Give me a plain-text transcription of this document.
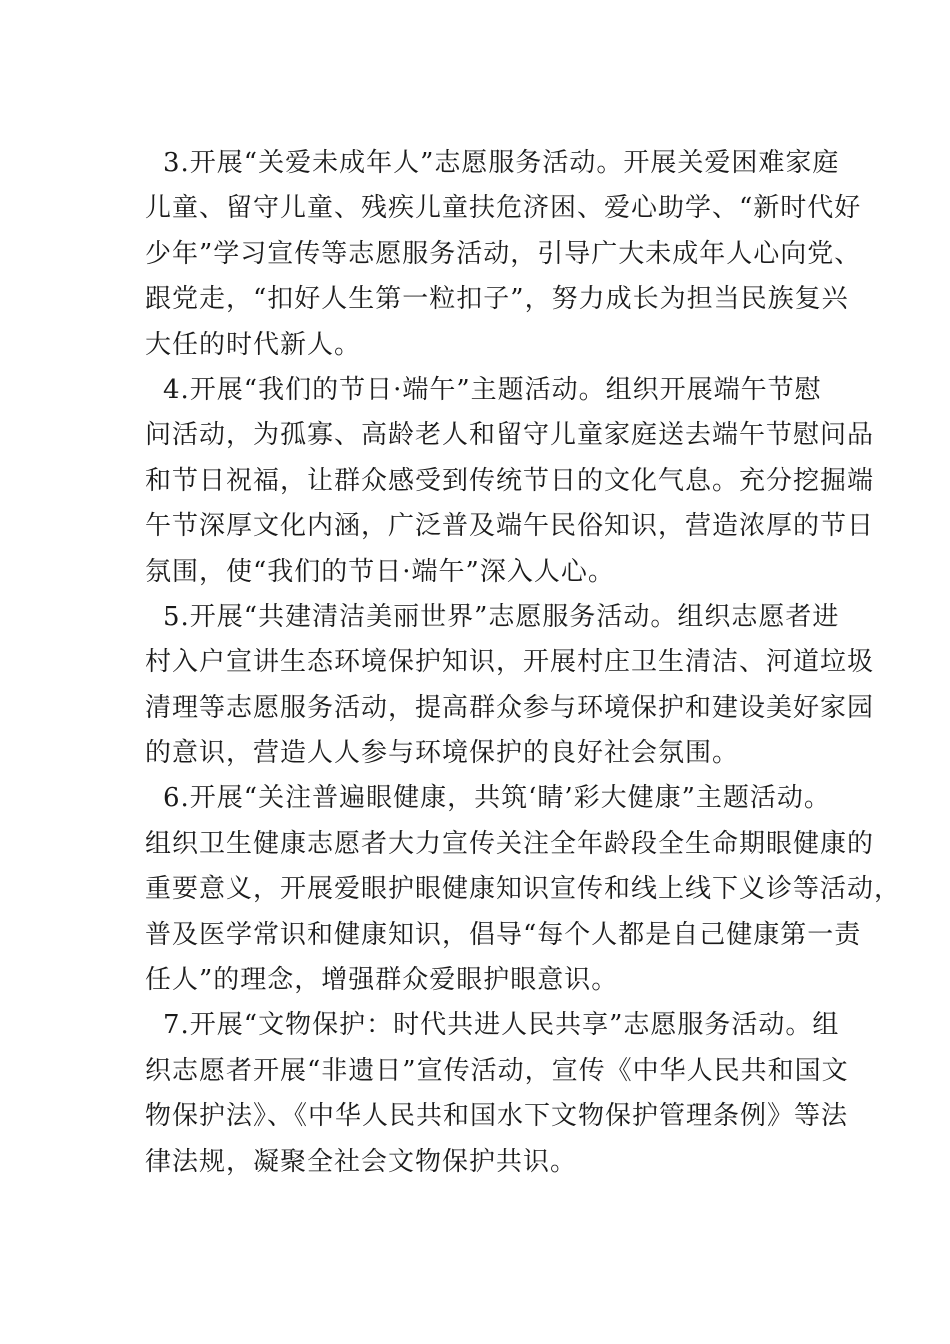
3.开展“关爱未成年人”志愿服务活动。开展关爱困难家庭
儿童、留守儿童、残疾儿童扶危济困、爱心助学、“新时代好
少年”学习宣传等志愿服务活动，引导广大未成年人心向党、
跟党走，“扣好人生第一粒扣子”，努力成长为担当民族复兴
大任的时代新人。
4.开展“我们的节日·端午”主题活动。组织开展端午节慰
问活动，为孤寡、高龄老人和留守儿童家庭送去端午节慰问品
和节日祝福，让群众感受到传统节日的文化气息。充分挖掘端
午节深厚文化内涵，广泛普及端午民俗知识，营造浓厚的节日
氛围，使“我们的节日·端午”深入人心。
5.开展“共建清洁美丽世界”志愿服务活动。组织志愿者进
村入户宣讲生态环境保护知识，开展村庄卫生清洁、河道垃圾
清理等志愿服务活动，提高群众参与环境保护和建设美好家园
的意识，营造人人参与环境保护的良好社会氛围。
6.开展“关注普遍眼健康，共筑‘睛’彩大健康”主题活动。
组织卫生健康志愿者大力宣传关注全年龄段全生命期眼健康的
重要意义，开展爱眼护眼健康知识宣传和线上线下义诊等活动，
普及医学常识和健康知识，倡导“每个人都是自己健康第一责
任人”的理念，增强群众爱眼护眼意识。
7.开展“文物保护：时代共进人民共享”志愿服务活动。组
织志愿者开展“非遗日”宣传活动，宣传《中华人民共和国文
物保护法》、《中华人民共和国水下文物保护管理条例》等法
律法规，凝聚全社会文物保护共识。
